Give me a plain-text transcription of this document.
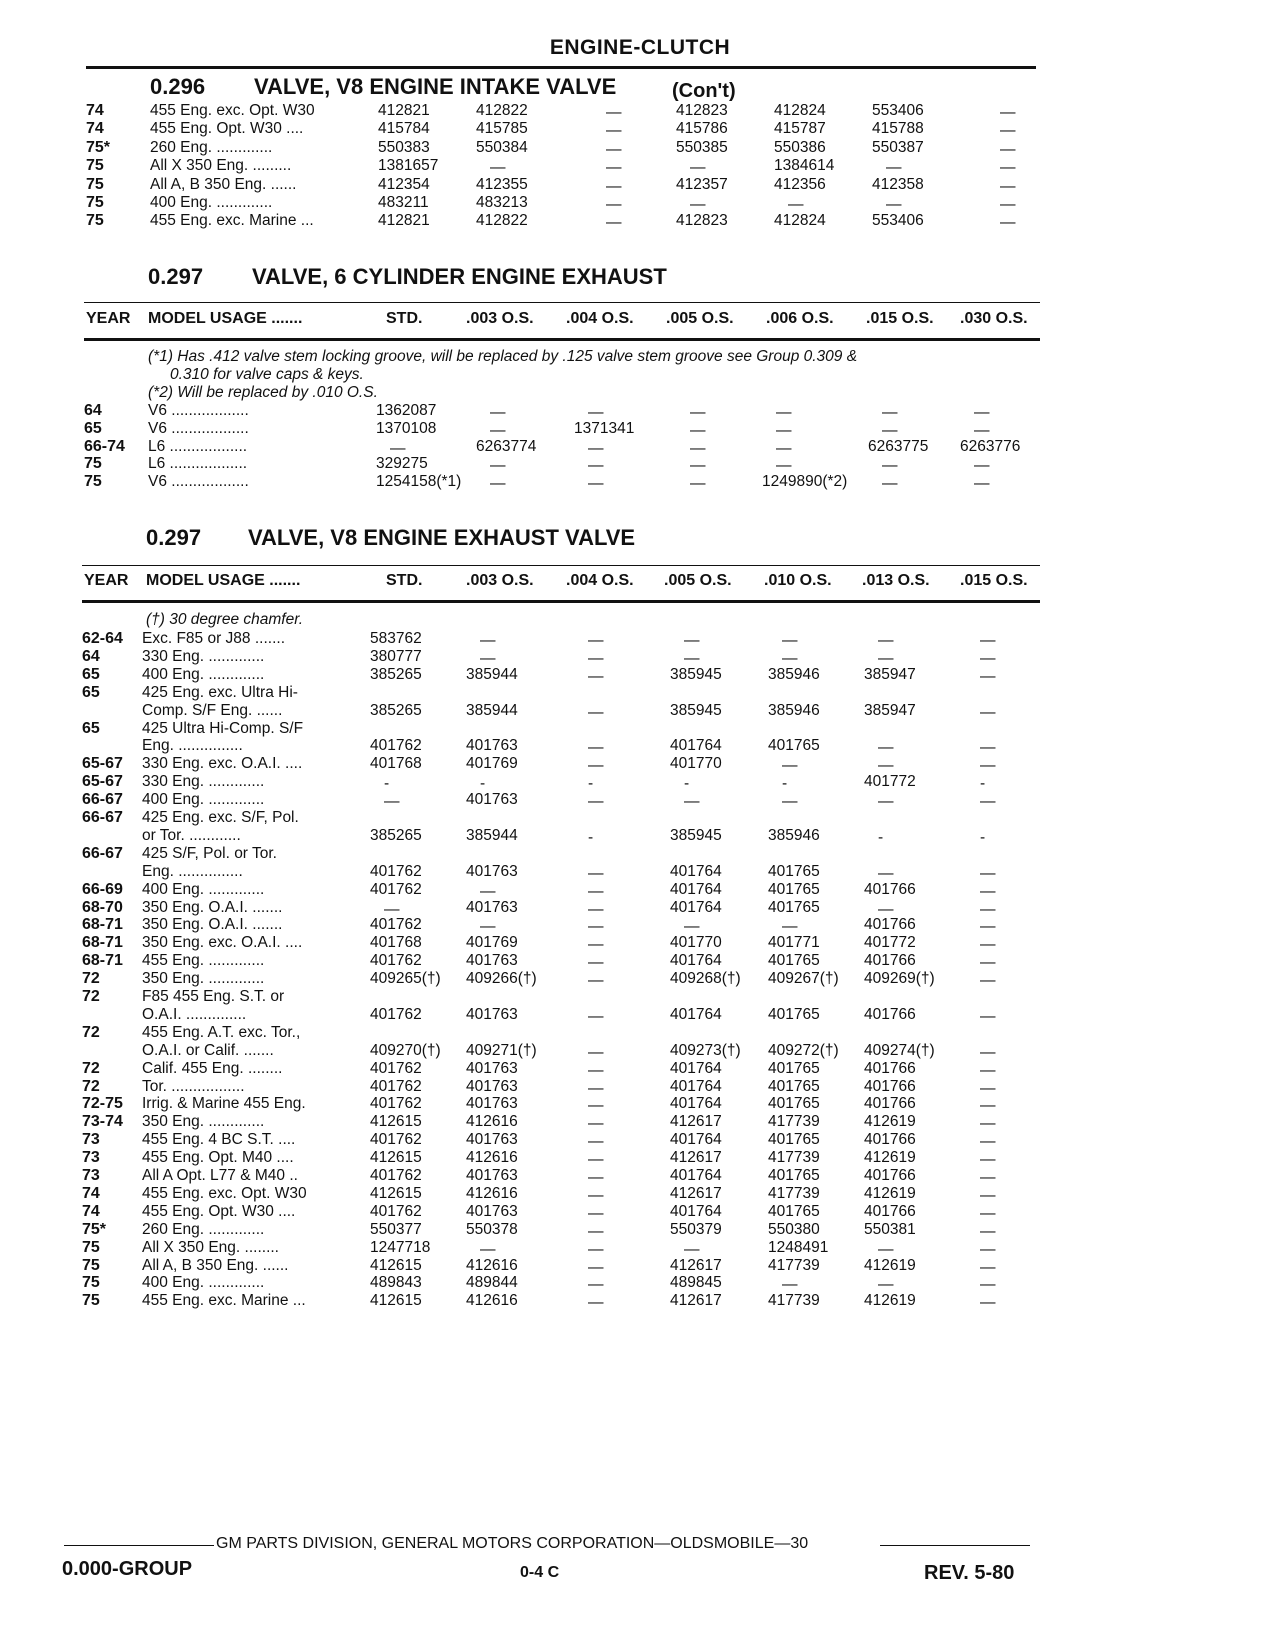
ENGINE-CLUTCH
0.296 VALVE, V8 ENGINE INTAKE VALVE	(Con't)
74	455 Eng. exc. Opt. W30	412821	412822	—	412823	412824	553406	—
74	455 Eng. Opt. W30 ....	415784	415785	—	415786	415787	415788	—
75*	260 Eng. .............	550383	550384	—	550385	550386	550387	—
75	All X 350 Eng. .........	1381657	—	—	—	1384614	—	—
75	All A, B 350 Eng. ......	412354	412355	—	412357	412356	412358	—
75	400 Eng. .............	483211	483213	—	—	—	—	—
75	455 Eng. exc. Marine ...	412821	412822	—	412823	412824	553406	—
0.297 VALVE, 6 CYLINDER ENGINE EXHAUST
YEAR MODEL USAGE .......	STD.	.003 O.S. .004 O.S. .005 O.S. .006 O.S. .015 O.S. .030 O.S.
(*1) Has .412 valve stem locking groove, will be replaced by .125 valve stem groove see Group 0.309 &
0.310 for valve caps & keys.
(*2) Will be replaced by .010 O.S.
64	V6 ..................	1362087	—	—	—	—	—	—
65	V6 ..................	1370108	—	1371341	—	—	—	—
66-74 L6 ..................	—	6263774	—	—	—	6263775 6263776
75	L6 ..................	329275	—	—	—	—	—	—
75	V6 ..................	1254158(*1) —	—	—	1249890(*2) —	—
0.297 VALVE, V8 ENGINE EXHAUST VALVE
YEAR MODEL USAGE .......	STD.	.003 O.S. .004 O.S. .005 O.S. .010 O.S. .013 O.S. .015 O.S.
(†) 30 degree chamfer.
62-64 Exc. F85 or J88 .......	583762	—	—	—	—	—	—
64	330 Eng. .............	380777	—	—	—	—	—	—
65	400 Eng. .............	385265	385944	—	385945	385946	385947	—
65	425 Eng. exc. Ultra Hi-
Comp. S/F Eng. ......	385265	385944	—	385945	385946	385947	—
65	425 Ultra Hi-Comp. S/F
Eng. ...............	401762	401763	—	401764	401765	—	—
65-67 330 Eng. exc. O.A.I. ....	401768	401769	—	401770	—	—	—
65-67 330 Eng. .............	-	-	-	-	-	401772	-
66-67 400 Eng. .............	—	401763	—	—	—	—	—
66-67 425 Eng. exc. S/F, Pol.
or Tor. ............	385265	385944	-	385945	385946	-	-
66-67 425 S/F, Pol. or Tor.
Eng. ...............	401762	401763	—	401764	401765	—	—
66-69 400 Eng. .............	401762	—	—	401764	401765	401766	—
68-70 350 Eng. O.A.I. .......	—	401763	—	401764	401765	—	—
68-71 350 Eng. O.A.I. .......	401762	—	—	—	—	401766	—
68-71 350 Eng. exc. O.A.I. ....	401768	401769	—	401770	401771	401772	—
68-71 455 Eng. .............	401762	401763	—	401764	401765	401766	—
72	350 Eng. .............	409265(†) 409266(†)	—	409268(†) 409267(†) 409269(†)	—
72	F85 455 Eng. S.T. or
O.A.I. ..............	401762	401763	—	401764	401765	401766	—
72	455 Eng. A.T. exc. Tor.,
O.A.I. or Calif. .......	409270(†) 409271(†)	—	409273(†) 409272(†) 409274(†)	—
72	Calif. 455 Eng. ........	401762	401763	—	401764	401765	401766	—
72	Tor. .................	401762	401763	—	401764	401765	401766	—
72-75 Irrig. & Marine 455 Eng.	401762	401763	—	401764	401765	401766	—
73-74 350 Eng. .............	412615	412616	—	412617	417739	412619	—
73	455 Eng. 4 BC S.T. ....	401762	401763	—	401764	401765	401766	—
73	455 Eng. Opt. M40 ....	412615	412616	—	412617	417739	412619	—
73	All A Opt. L77 & M40 ..	401762	401763	—	401764	401765	401766	—
74	455 Eng. exc. Opt. W30	412615	412616	—	412617	417739	412619	—
74	455 Eng. Opt. W30 ....	401762	401763	—	401764	401765	401766	—
75* 260 Eng. .............	550377	550378	—	550379	550380	550381	—
75	All X 350 Eng. ........	1247718	—	—	—	1248491	—	—
75	All A, B 350 Eng. ......	412615	412616	—	412617	417739	412619	—
75	400 Eng. .............	489843	489844	—	489845	—	—	—
75	455 Eng. exc. Marine ...	412615	412616	—	412617	417739	412619	—
GM PARTS DIVISION, GENERAL MOTORS CORPORATION—OLDSMOBILE—30
0.000-GROUP	0-4 C	REV. 5-80
